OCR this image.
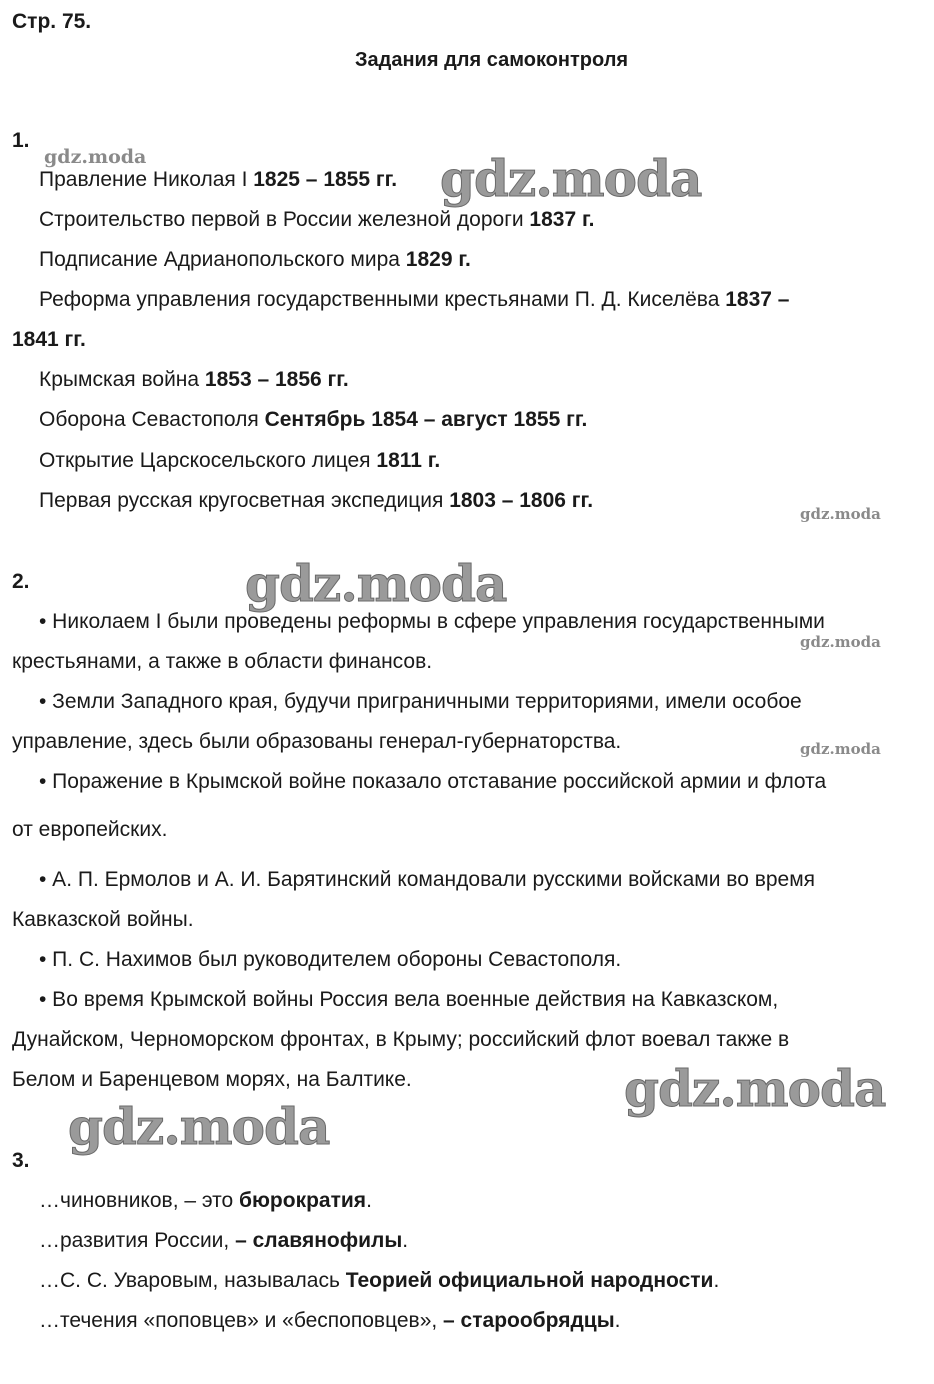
Стр. 75.
Задания для самоконтроля
1.
Правление Николая I 1825 – 1855 гг.
Строительство первой в России железной дороги 1837 г.
Подписание Адрианопольского мира 1829 г.
Реформа управления государственными крестьянами П. Д. Киселёва 1837 –
1841 гг.
Крымская война 1853 – 1856 гг.
Оборона Севастополя Сентябрь 1854 – август 1855 гг.
Открытие Царскосельского лицея 1811 г.
Первая русская кругосветная экспедиция 1803 – 1806 гг.
2.
• Николаем I были проведены реформы в сфере управления государственными
крестьянами, а также в области финансов.
• Земли Западного края, будучи приграничными территориями, имели особое
управление, здесь были образованы генерал-губернаторства.
• Поражение в Крымской войне показало отставание российской армии и флота
от европейских.
• А. П. Ермолов и А. И. Барятинский командовали русскими войсками во время
Кавказской войны.
• П. С. Нахимов был руководителем обороны Севастополя.
• Во время Крымской войны Россия вела военные действия на Кавказском,
Дунайском, Черноморском фронтах, в Крыму; российский флот воевал также в
Белом и Баренцевом морях, на Балтике.
3.
…чиновников, – это бюрократия.
…развития России, – славянофилы.
…С. С. Уваровым, называлась Теорией официальной народности.
…течения «поповцев» и «беспоповцев», – старообрядцы.
gdz.moda	gdz.moda
gdz.moda
gdz.moda
gdz.moda
gdz.moda
gdz.moda
gdz.moda
